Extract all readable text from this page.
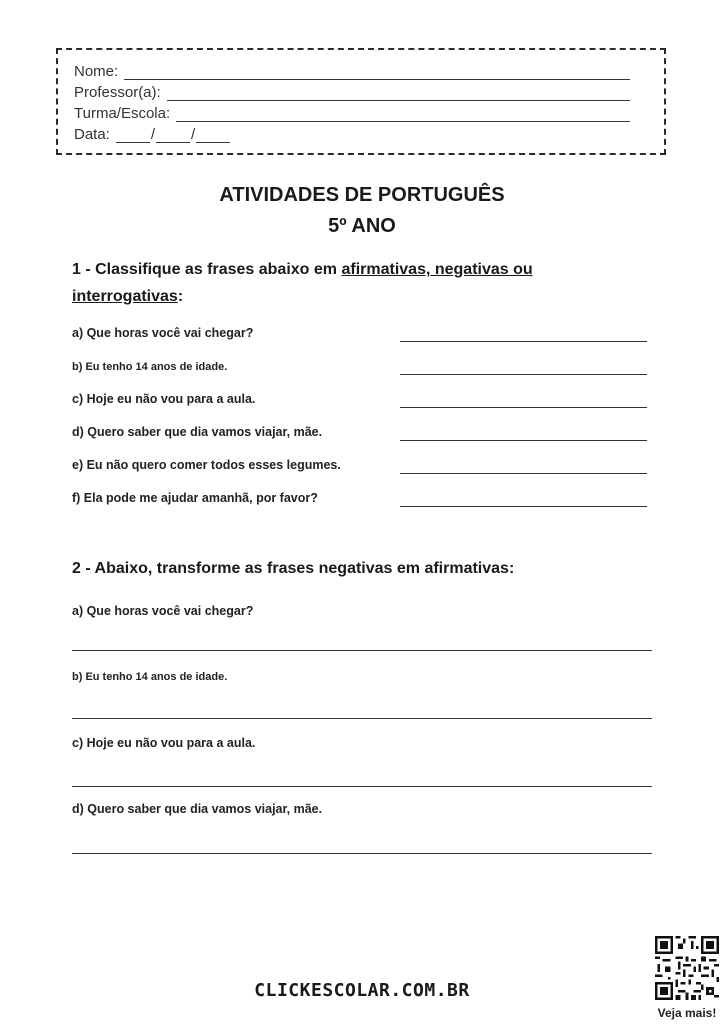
Nome:
Professor(a):
Turma/Escola:
Data:	/ /
ATIVIDADES DE PORTUGUÊS
5º ANO
1 - Classifique as frases abaixo em afirmativas, negativas ou
interrogativas:
a) Que horas você vai chegar?
b) Eu tenho 14 anos de idade.
c) Hoje eu não vou para a aula.
d) Quero saber que dia vamos viajar, mãe.
e) Eu não quero comer todos esses legumes.
f) Ela pode me ajudar amanhã, por favor?
2 - Abaixo, transforme as frases negativas em afirmativas:
a) Que horas você vai chegar?
b) Eu tenho 14 anos de idade.
c) Hoje eu não vou para a aula.
d) Quero saber que dia vamos viajar, mãe.
CLICKESCOLAR.COM.BR
Veja mais!
